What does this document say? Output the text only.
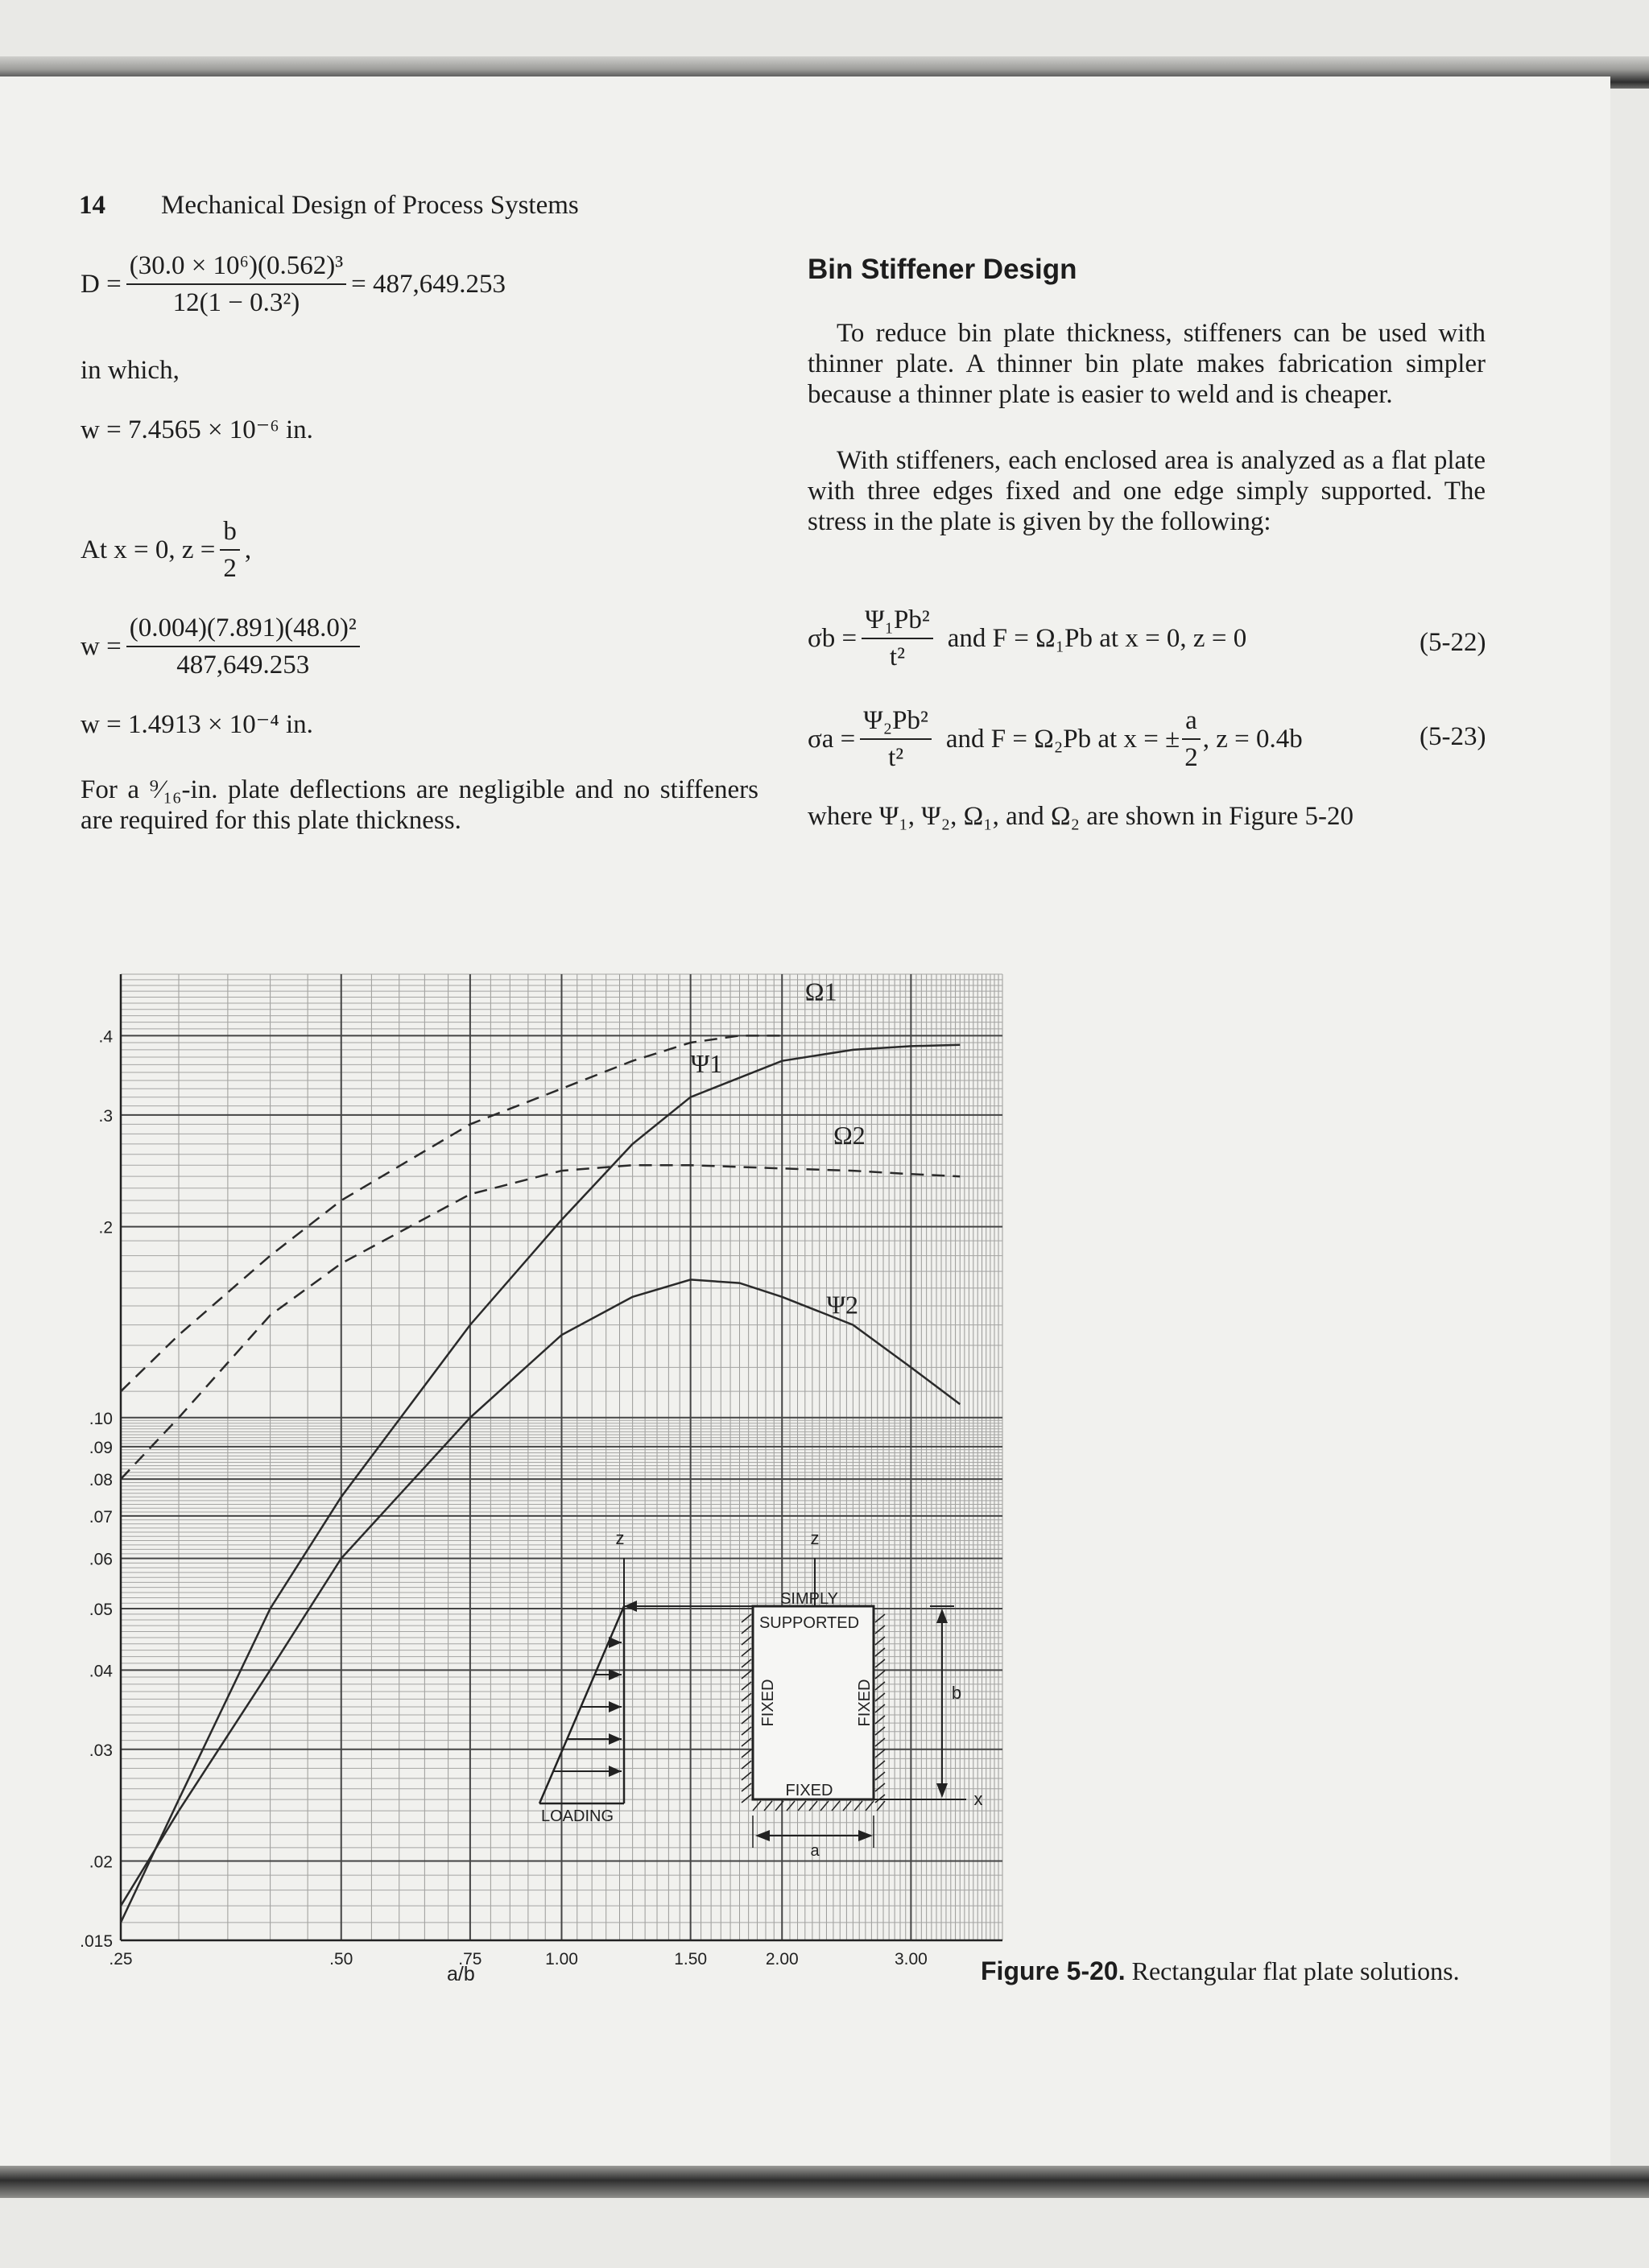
14 Mechanical Design of Process Systems
$D = \frac{\text{(30.0 × 10⁶)(0.562)³}}{\text{12(1 − 0.3²)}} = 487,649.253$
in which,
w = 7.4565 × 10⁻⁶ in.
At x = 0, $z = \frac{b}{2}$ ,
$w = \frac{\text{(0.004)(7.891)(48.0)²}}{487,649.253}$
w = 1.4913 × 10⁻⁴ in.
For a ⁹⁄₁₆-in. plate deflections are negligible and no stiffeners are required for this plate thickness.
Bin Stiffener Design
To reduce bin plate thickness, stiffeners can be used with thinner plate. A thinner bin plate makes fabrication simpler because a thinner plate is easier to weld and is cheaper.
With stiffeners, each enclosed area is analyzed as a flat plate with three edges fixed and one edge simply supported. The stress in the plate is given by the following:
$\sigma b = \frac{\text{Ψ₁Pb²}}{\text{t²}}$ and F = Ω₁Pb at x = 0, z = 0	(5-22)
$\sigma a = \frac{\text{Ψ₂Pb²}}{\text{t²}}$ and F = Ω₂Pb at x = ± $\frac{a}{2}$ , z = 0.4b	(5-23)
where Ψ₁, Ψ₂, Ω₁, and Ω₂ are shown in Figure 5-20
.25	.50	.75	1.00	1.50	2.00	3.00
.4
.3
.2
.10
.09
.08
.07
.06
.05
.04
.03
.02
.015
a/b
Ω1
Ψ1
Ω2
Ψ2
z	z
SIMPLY
SUPPORTED
FIXED
LOADING
b
a
x
FIXED	FIXED
Figure 5-20. Rectangular flat plate solutions.
